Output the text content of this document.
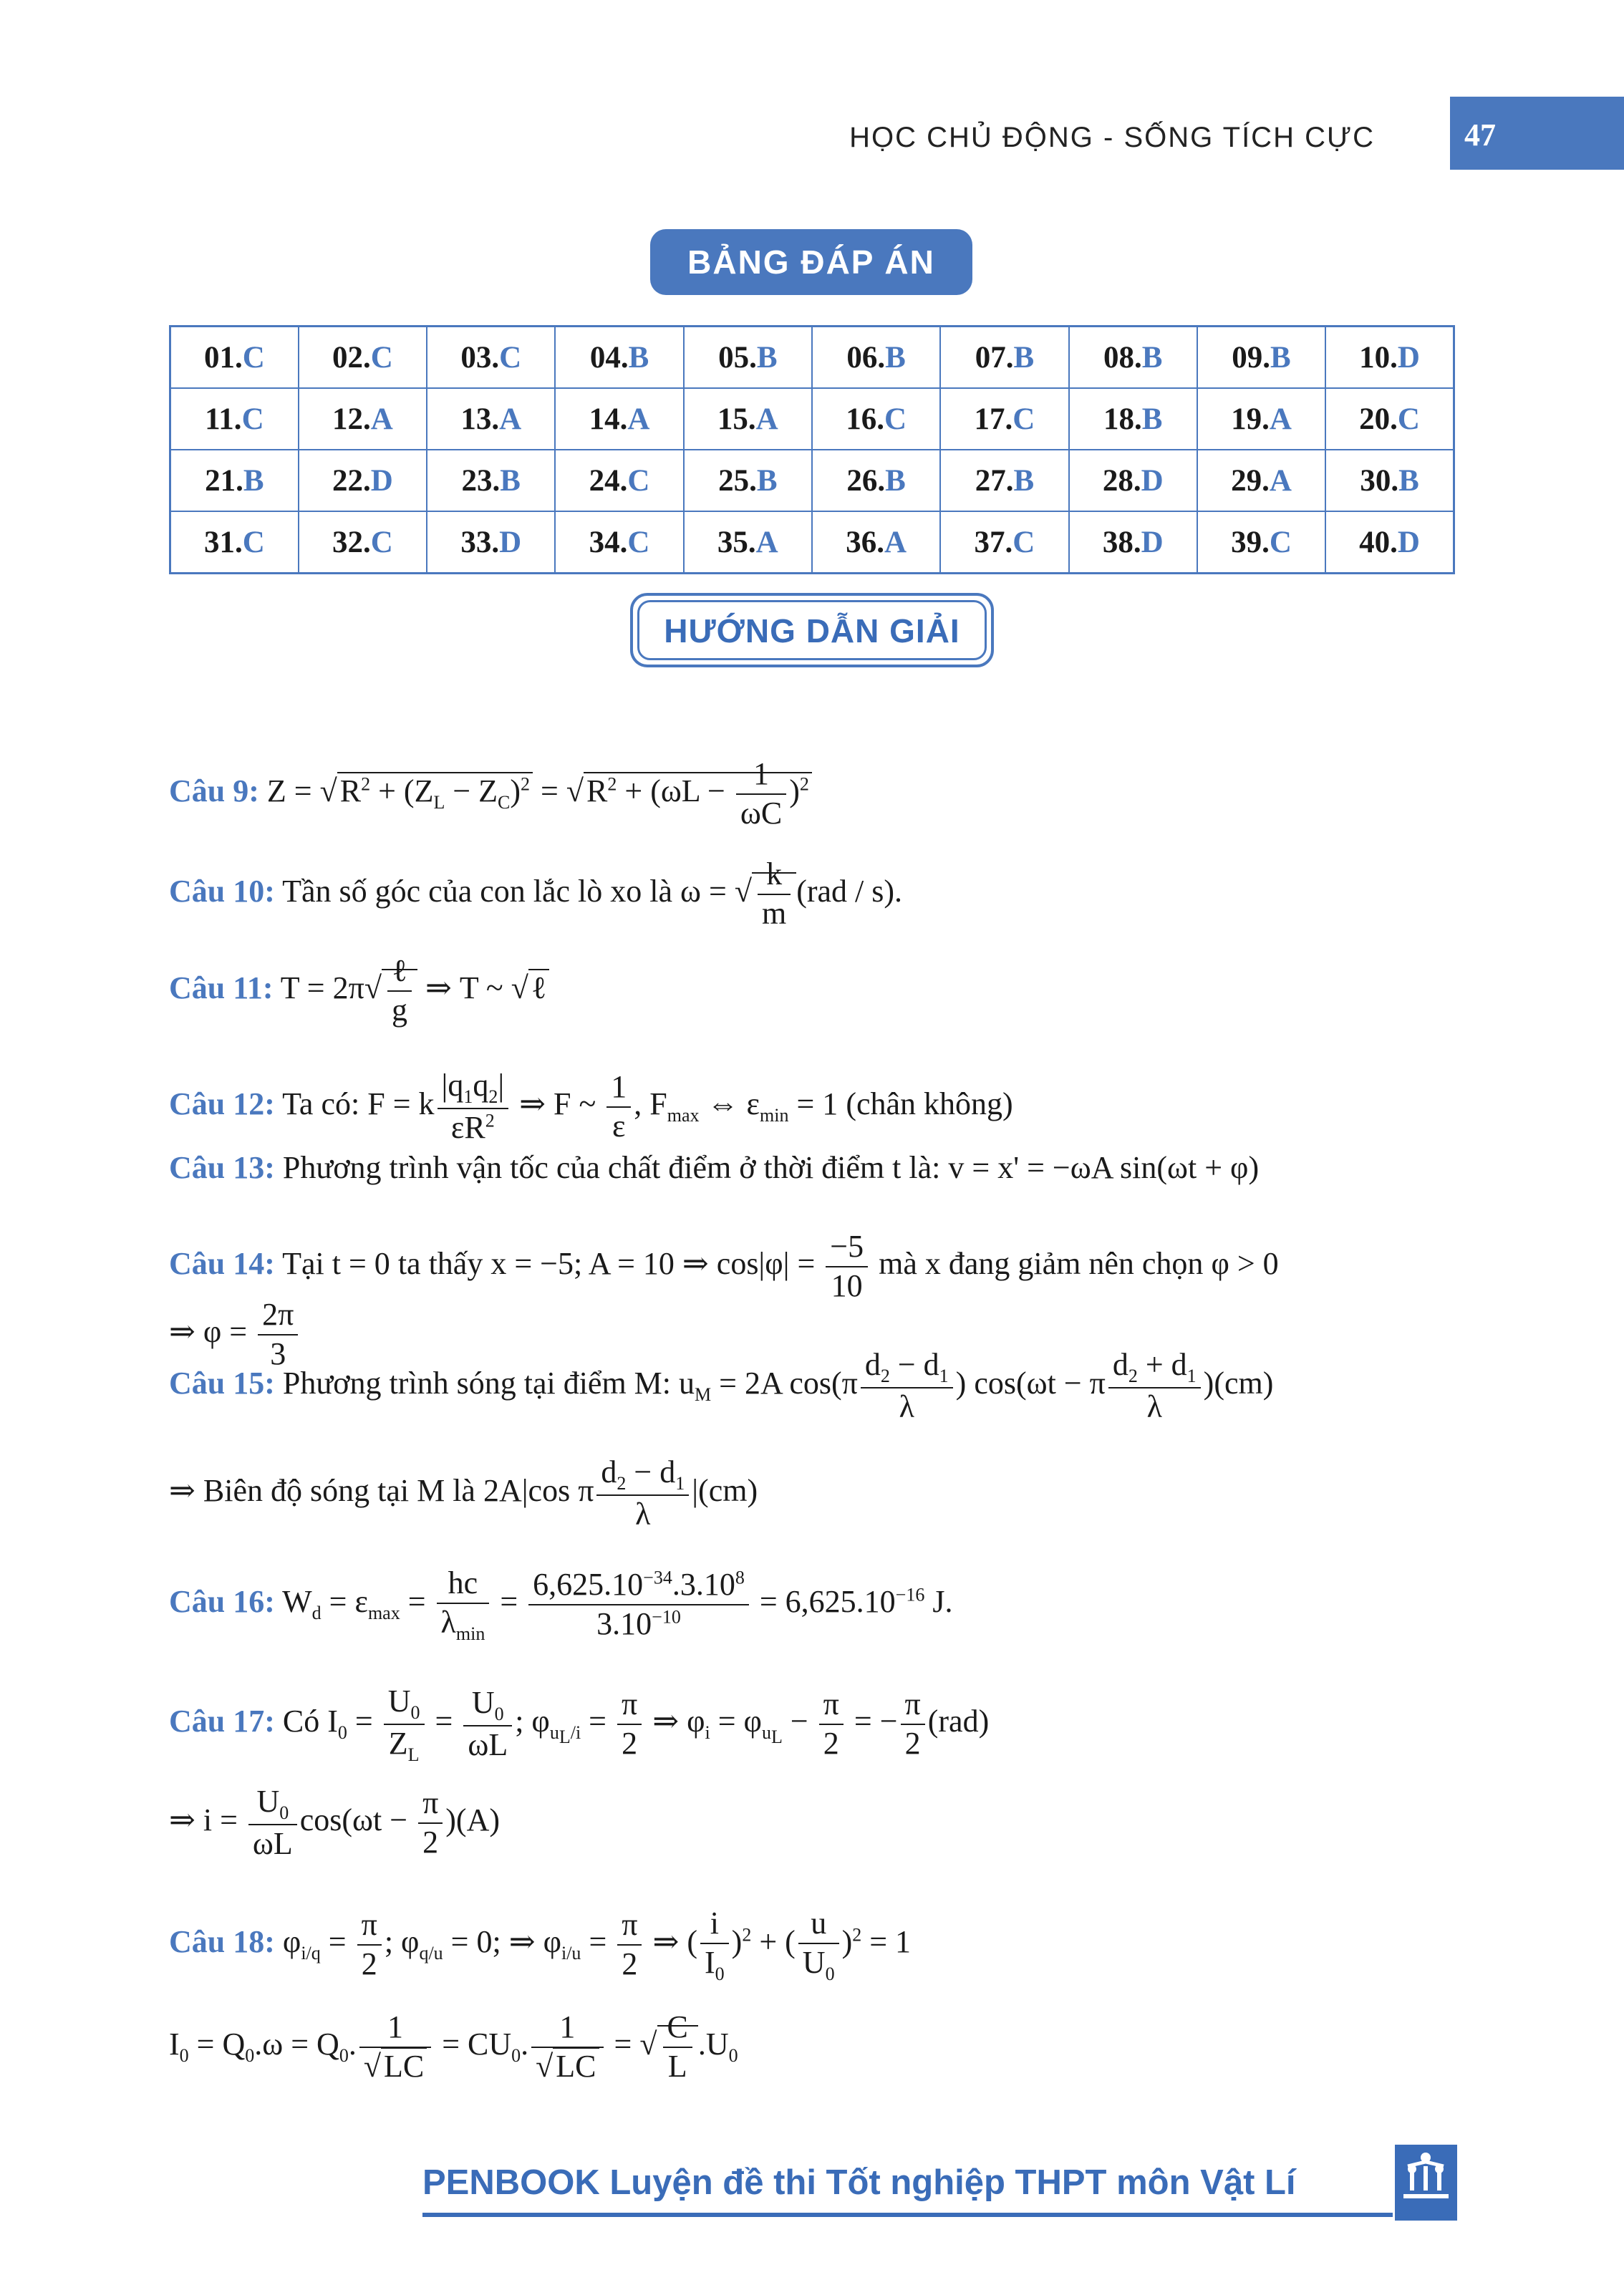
HỌC CHỦ ĐỘNG - SỐNG TÍCH CỰC	47
BẢNG ĐÁP ÁN
01.C	02.C	03.C	04.B	05.B	06.B	07.B	08.B	09.B	10.D
11.C	12.A	13.A	14.A	15.A	16.C	17.C	18.B	19.A	20.C
21.B	22.D	23.B	24.C	25.B	26.B	27.B	28.D	29.A	30.B
31.C	32.C	33.D	34.C	35.A	36.A	37.C	38.D	39.C	40.D
HƯỚNG DẪN GIẢI
Câu 9: $Z = √R^2 + (Z_L - Z_C)^2 = √R^2 + (\omega L - \frac{1}{\omega C} )^2$
Câu 10: Tần số góc của con lắc lò xo là ω = √ $\frac{k}{m} (rad / s)$.
Câu 11: $T = 2\pi√ \frac{\text{ℓ}}{g}$ ⇒ T ~ √ℓ
Câu 12: Ta có: F = k $\frac{|q_1q_2|}{\varepsilon R^2}$ ⇒ F ~ $\frac{1}{\varepsilon}$ , $F_{max}$ ⇔ $\varepsilon_{min} = 1$ (chân không)
Câu 13: Phương trình vận tốc của chất điểm ở thời điểm t là: v = x' = −ωA sin(ωt + φ)
Câu 14: Tại t = 0 ta thấy x = −5; A = 10 ⇒ $\cos|\varphi| = \frac{-5}{10}$ mà x đang giảm nên chọn φ > 0
⇒ $\varphi = \frac{2\pi}{3}$
Câu 15: Phương trình sóng tại điểm M: $u_M = 2A$ $\cos(\pi \frac{d_2 - d_1}{\lambda}$ ) cos(ωt − π $\frac{d_2 + d_1}{\lambda} )(cm)$
⇒ Biên độ sóng tại M là 2A|cos π $\frac{d_2 - d_1}{\lambda} |(cm)$
Câu 16: $W_d = \varepsilon_{max} = \frac{hc}{\lambda_{min}} = \frac{6,625.10^{-34}.3.10^8}{3.10^{-10}} = 6,625.10^{-16}$ J.
Câu 17: Có $I_0 = \frac{U_0}{Z_L} = \frac{U_0}{\omega L}$ ; $\varphi_{u_L/i} = \frac{\pi}{2}$ ⇒ $\varphi_i = \varphi_{u_L} - \frac{\pi}{2}$ = − $\frac{\pi}{2} (rad)$
⇒ $i = \frac{U_0}{\omega L} \cos(\omega t - \frac{\pi}{2} )(A)$
Câu 18: $\varphi_{i/q} = \frac{\pi}{2}$ ; $\varphi_{q/u} = 0$; ⇒ $\varphi_{i/u} = \frac{\pi}{2}$ ⇒ ( $\frac{i}{I_0} )^2$ + ( $\frac{u}{U_0} )^2 = 1$
$I_0 = Q_0.\omega = Q_0$. $\frac{1}{√LC} = CU_0$. $\frac{1}{√LC}$ = √ $\frac{C}{L} .U_0$
PENBOOK Luyện đề thi Tốt nghiệp THPT môn Vật Lí
